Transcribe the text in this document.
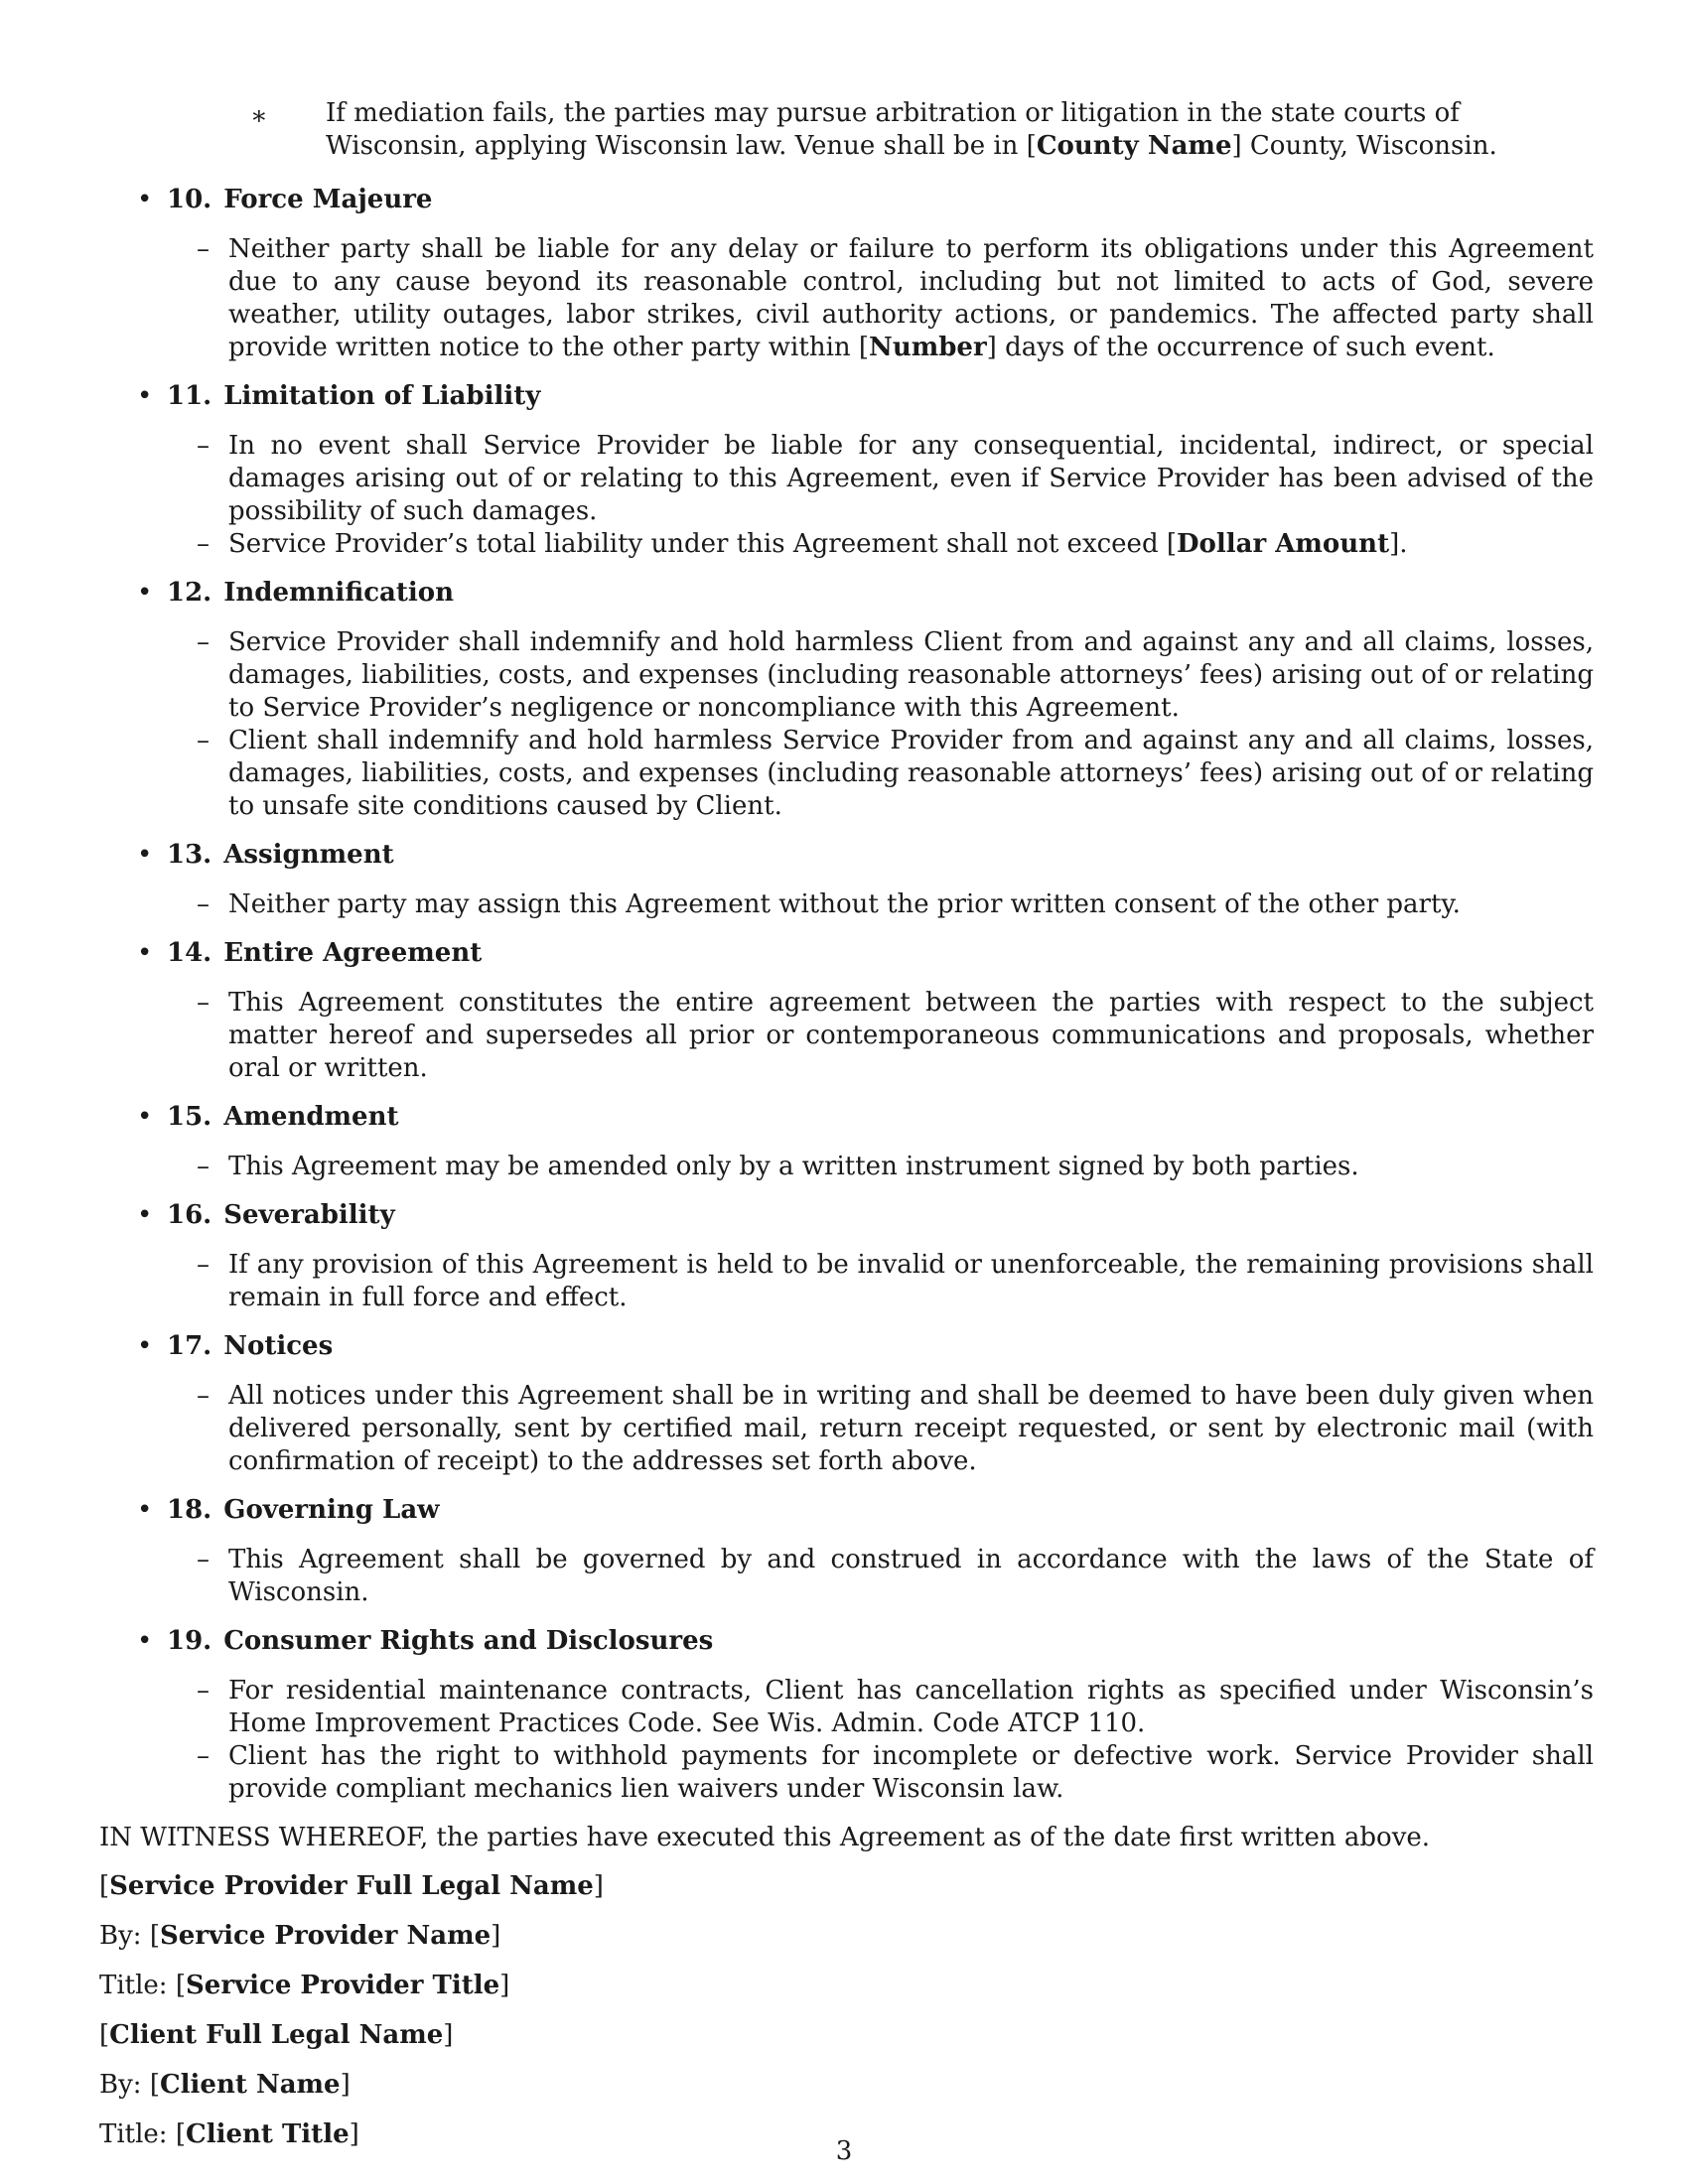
∗ If mediation fails, the parties may pursue arbitration or litigation in the state courts of Wisconsin, applying Wisconsin law. Venue shall be in [County Name] County, Wisconsin.
• 10. Force Majeure
– Neither party shall be liable for any delay or failure to perform its obligations under this Agreement due to any cause beyond its reasonable control, including but not limited to acts of God, severe weather, utility outages, labor strikes, civil authority actions, or pandemics. The affected party shall provide written notice to the other party within [Number] days of the occurrence of such event.
• 11. Limitation of Liability
– In no event shall Service Provider be liable for any consequential, incidental, indirect, or special damages arising out of or relating to this Agreement, even if Service Provider has been advised of the possibility of such damages.
– Service Provider’s total liability under this Agreement shall not exceed [Dollar Amount].
• 12. Indemnification
– Service Provider shall indemnify and hold harmless Client from and against any and all claims, losses, damages, liabilities, costs, and expenses (including reasonable attorneys’ fees) arising out of or relating to Service Provider’s negligence or noncompliance with this Agreement.
– Client shall indemnify and hold harmless Service Provider from and against any and all claims, losses, damages, liabilities, costs, and expenses (including reasonable attorneys’ fees) arising out of or relating to unsafe site conditions caused by Client.
• 13. Assignment
– Neither party may assign this Agreement without the prior written consent of the other party.
• 14. Entire Agreement
– This Agreement constitutes the entire agreement between the parties with respect to the subject matter hereof and supersedes all prior or contemporaneous communications and proposals, whether oral or written.
• 15. Amendment
– This Agreement may be amended only by a written instrument signed by both parties.
• 16. Severability
– If any provision of this Agreement is held to be invalid or unenforceable, the remaining provisions shall remain in full force and effect.
• 17. Notices
– All notices under this Agreement shall be in writing and shall be deemed to have been duly given when delivered personally, sent by certified mail, return receipt requested, or sent by electronic mail (with confirmation of receipt) to the addresses set forth above.
• 18. Governing Law
– This Agreement shall be governed by and construed in accordance with the laws of the State of Wisconsin.
• 19. Consumer Rights and Disclosures
– For residential maintenance contracts, Client has cancellation rights as specified under Wisconsin’s Home Improvement Practices Code. See Wis. Admin. Code ATCP 110.
– Client has the right to withhold payments for incomplete or defective work. Service Provider shall provide compliant mechanics lien waivers under Wisconsin law.
IN WITNESS WHEREOF, the parties have executed this Agreement as of the date first written above.
[Service Provider Full Legal Name]
By: [Service Provider Name]
Title: [Service Provider Title]
[Client Full Legal Name]
By: [Client Name]
Title: [Client Title]
3
